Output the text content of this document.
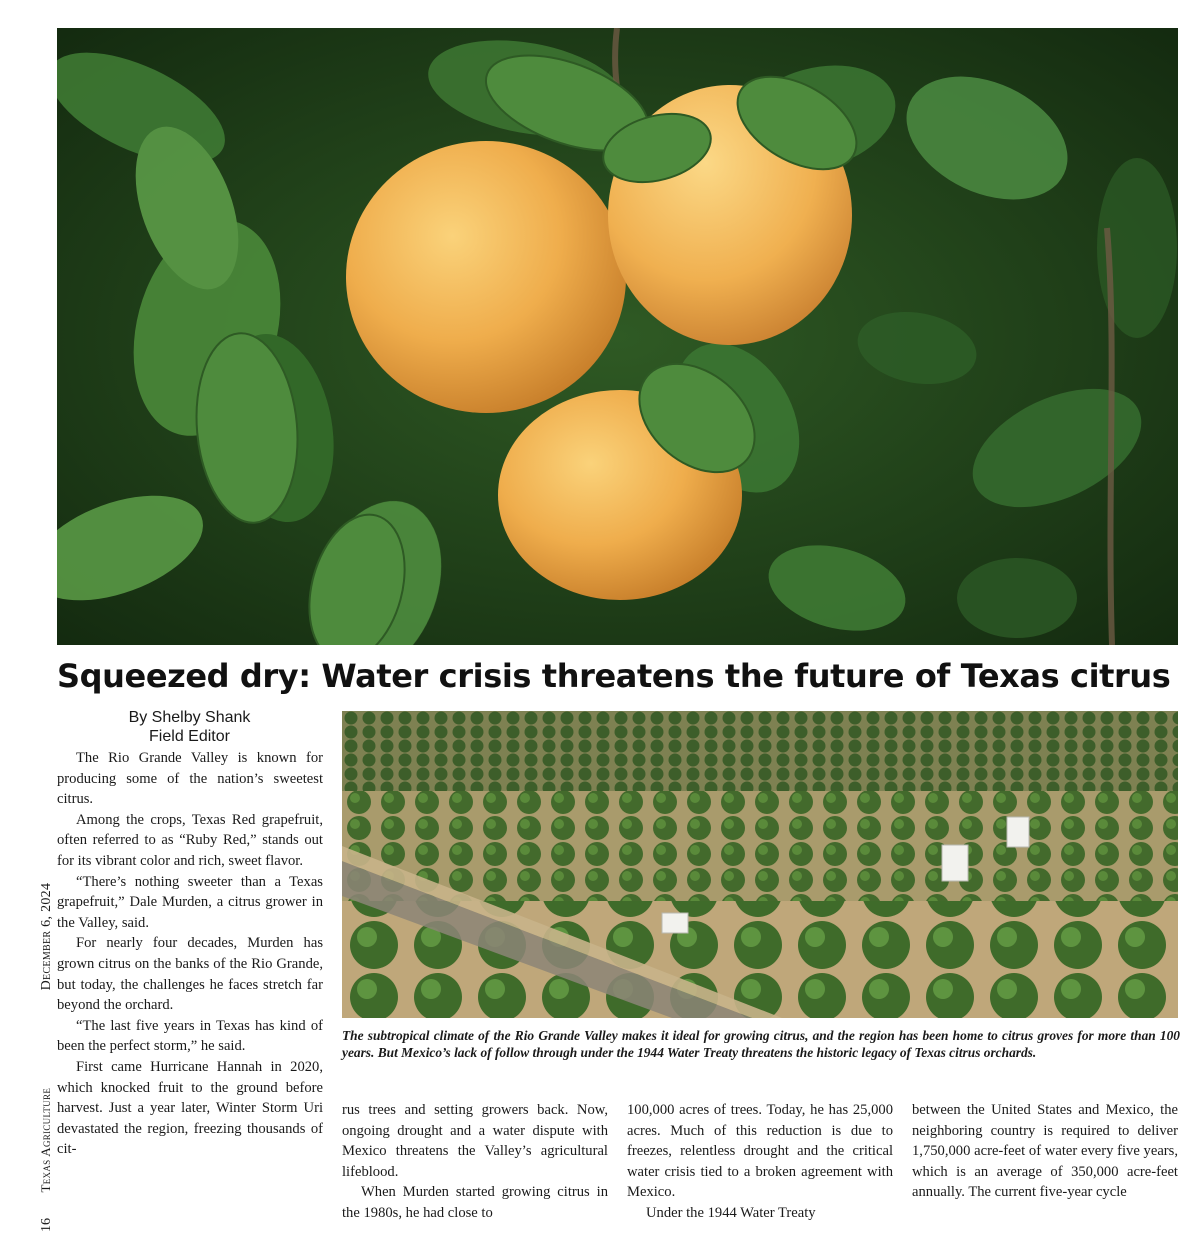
Squeezed dry: Water crisis threatens the future of Texas citrus
By Shelby Shank
Field Editor

The Rio Grande Valley is known for producing some of the nation’s sweetest citrus.

Among the crops, Texas Red grapefruit, often referred to as “Ruby Red,” stands out for its vibrant color and rich, sweet flavor.

“There’s nothing sweeter than a Texas grapefruit,” Dale Murden, a citrus grower in the Valley, said.

For nearly four decades, Murden has grown citrus on the banks of the Rio Grande, but today, the challenges he faces stretch far beyond the orchard.

“The last five years in Texas has kind of been the perfect storm,” he said.

First came Hurricane Hannah in 2020, which knocked fruit to the ground before harvest. Just a year later, Winter Storm Uri devastated the region, freezing thousands of cit-

The subtropical climate of the Rio Grande Valley makes it ideal for growing citrus, and the region has been home to citrus groves for more than 100 years. But Mexico’s lack of follow through under the 1944 Water Treaty threatens the historic legacy of Texas citrus orchards.

rus trees and setting growers back. Now, ongoing drought and a water dispute with Mexico threatens the Valley’s agricultural lifeblood.

When Murden started growing citrus in the 1980s, he had close to

100,000 acres of trees. Today, he has 25,000 acres. Much of this reduction is due to freezes, relentless drought and the critical water crisis tied to a broken agreement with Mexico.

Under the 1944 Water Treaty

between the United States and Mexico, the neighboring country is required to deliver 1,750,000 acre-feet of water every five years, which is an average of 350,000 acre-feet annually. The current five-year cycle

16 Texas Agriculture December 6, 2024
